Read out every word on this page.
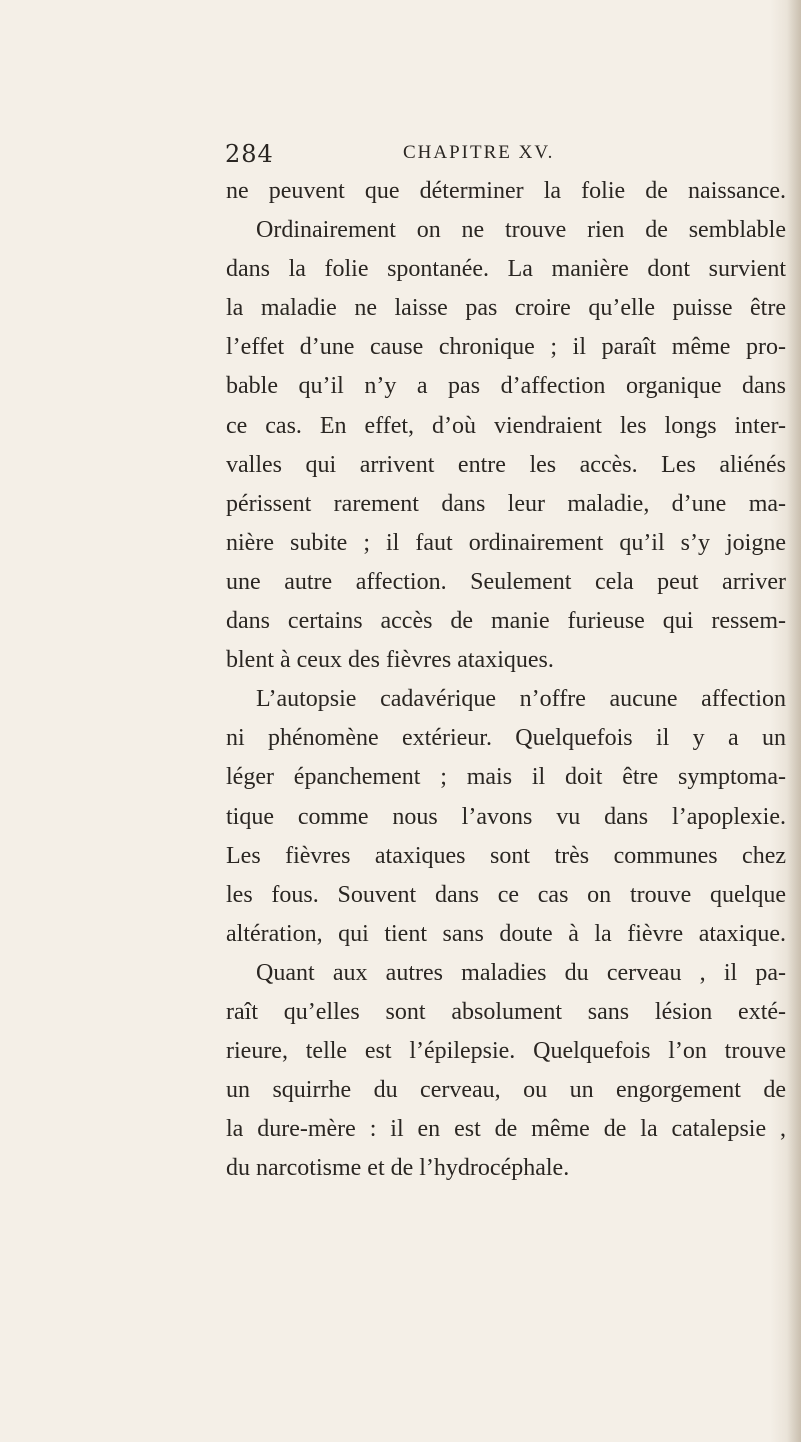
284	CHAPITRE XV.
ne peuvent que déterminer la folie de naissance.
Ordinairement on ne trouve rien de semblable
dans la folie spontanée. La manière dont survient
la maladie ne laisse pas croire qu’elle puisse être
l’effet d’une cause chronique ; il paraît même pro-
bable qu’il n’y a pas d’affection organique dans
ce cas. En effet, d’où viendraient les longs inter-
valles qui arrivent entre les accès. Les aliénés
périssent rarement dans leur maladie, d’une ma-
nière subite ; il faut ordinairement qu’il s’y joigne
une autre affection. Seulement cela peut arriver
dans certains accès de manie furieuse qui ressem-
blent à ceux des fièvres ataxiques.
L’autopsie cadavérique n’offre aucune affection
ni phénomène extérieur. Quelquefois il y a un
léger épanchement ; mais il doit être symptoma-
tique comme nous l’avons vu dans l’apoplexie.
Les fièvres ataxiques sont très communes chez
les fous. Souvent dans ce cas on trouve quelque
altération, qui tient sans doute à la fièvre ataxique.
Quant aux autres maladies du cerveau , il pa-
raît qu’elles sont absolument sans lésion exté-
rieure, telle est l’épilepsie. Quelquefois l’on trouve
un squirrhe du cerveau, ou un engorgement de
la dure-mère : il en est de même de la catalepsie ,
du narcotisme et de l’hydrocéphale.
